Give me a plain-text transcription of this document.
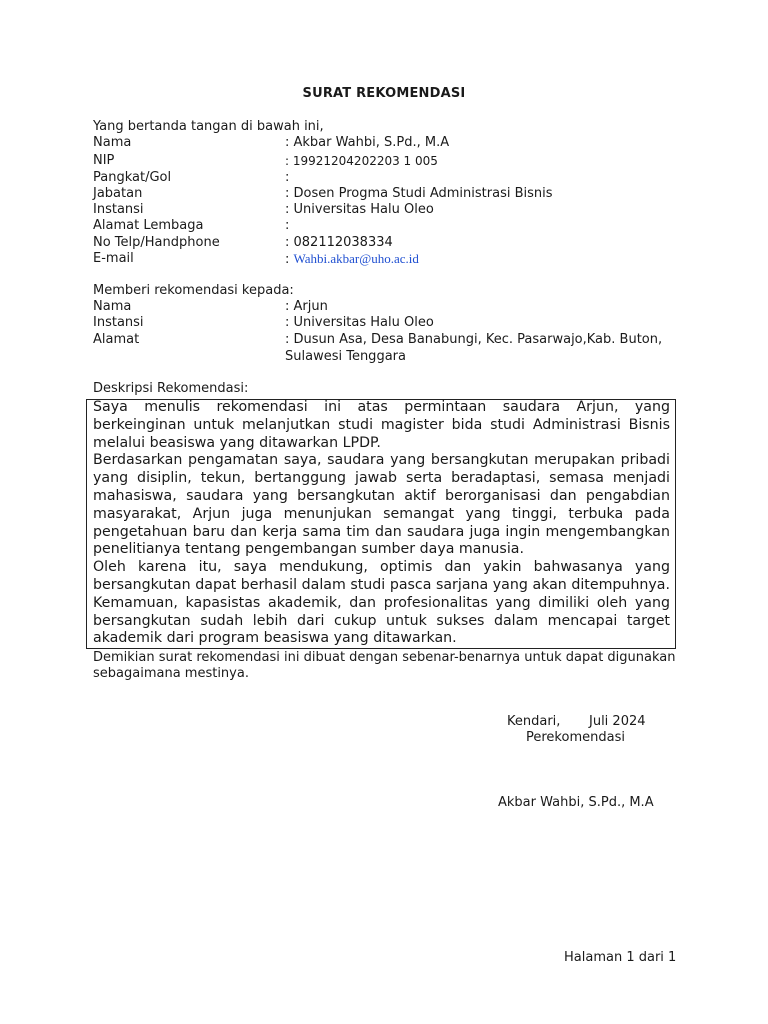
SURAT REKOMENDASI
Yang bertanda tangan di bawah ini,
Nama	: Akbar Wahbi, S.Pd., M.A
NIP	: 19921204202203 1 005
Pangkat/Gol	:
Jabatan	: Dosen Progma Studi Administrasi Bisnis
Instansi	: Universitas Halu Oleo
Alamat Lembaga	:
No Telp/Handphone	: 082112038334
E-mail	: Wahbi.akbar@uho.ac.id
Memberi rekomendasi kepada:
Nama	: Arjun
Instansi	: Universitas Halu Oleo
Alamat	: Dusun Asa, Desa Banabungi, Kec. Pasarwajo,Kab. Buton,
Sulawesi Tenggara
Deskripsi Rekomendasi:

Saya menulis rekomendasi ini atas permintaan saudara Arjun, yang berkeinginan untuk melanjutkan studi magister bida studi Administrasi Bisnis melalui beasiswa yang ditawarkan LPDP.

Berdasarkan pengamatan saya, saudara yang bersangkutan merupakan pribadi yang disiplin, tekun, bertanggung jawab serta beradaptasi, semasa menjadi mahasiswa, saudara yang bersangkutan aktif berorganisasi dan pengabdian masyarakat, Arjun juga menunjukan semangat yang tinggi, terbuka pada pengetahuan baru dan kerja sama tim dan saudara juga ingin mengembangkan penelitianya tentang pengembangan sumber daya manusia.

Oleh karena itu, saya mendukung, optimis dan yakin bahwasanya yang bersangkutan dapat berhasil dalam studi pasca sarjana yang akan ditempuhnya. Kemamuan, kapasistas akademik, dan profesionalitas yang dimiliki oleh yang bersangkutan sudah lebih dari cukup untuk sukses dalam mencapai target akademik dari program beasiswa yang ditawarkan.

Demikian surat rekomendasi ini dibuat dengan sebenar-benarnya untuk dapat digunakan sebagaimana mestinya.
Kendari, Juli 2024
Perekomendasi
Akbar Wahbi, S.Pd., M.A
Halaman 1 dari 1
